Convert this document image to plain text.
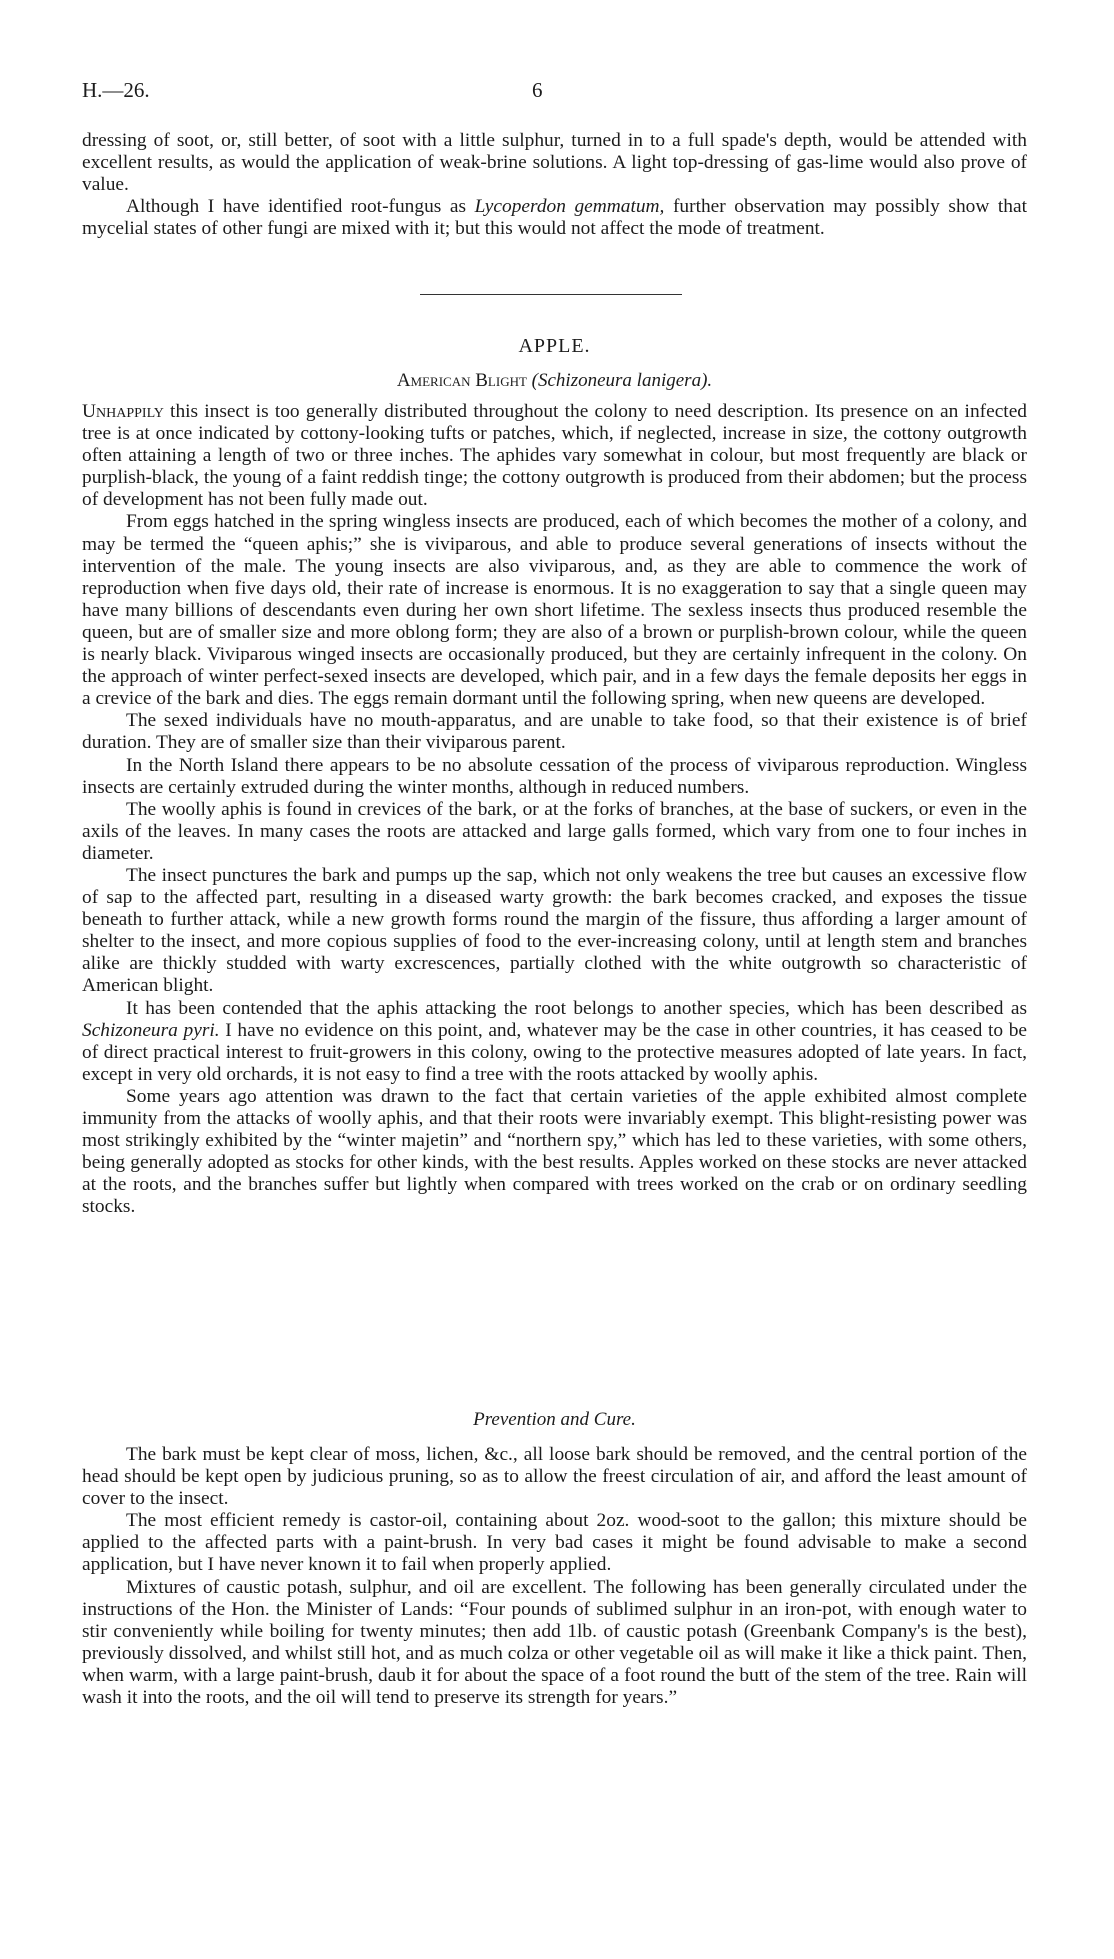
H.—26.	6

dressing of soot, or, still better, of soot with a little sulphur, turned in to a full spade's depth, would be attended with excellent results, as would the application of weak-brine solutions. A light top-dressing of gas-lime would also prove of value.

Although I have identified root-fungus as Lycoperdon gemmatum, further observation may possibly show that mycelial states of other fungi are mixed with it; but this would not affect the mode of treatment.

APPLE.
American Blight (Schizoneura lanigera).

Unhappily this insect is too generally distributed throughout the colony to need description. Its presence on an infected tree is at once indicated by cottony-looking tufts or patches, which, if neglected, increase in size, the cottony outgrowth often attaining a length of two or three inches. The aphides vary somewhat in colour, but most frequently are black or purplish-black, the young of a faint reddish tinge; the cottony outgrowth is produced from their abdomen; but the process of development has not been fully made out.

From eggs hatched in the spring wingless insects are produced, each of which becomes the mother of a colony, and may be termed the “queen aphis;” she is viviparous, and able to produce several generations of insects without the intervention of the male. The young insects are also viviparous, and, as they are able to commence the work of reproduction when five days old, their rate of increase is enormous. It is no exaggeration to say that a single queen may have many billions of descendants even during her own short lifetime. The sexless insects thus produced resemble the queen, but are of smaller size and more oblong form; they are also of a brown or purplish-brown colour, while the queen is nearly black. Viviparous winged insects are occasionally produced, but they are certainly infrequent in the colony. On the approach of winter perfect-sexed insects are developed, which pair, and in a few days the female deposits her eggs in a crevice of the bark and dies. The eggs remain dormant until the following spring, when new queens are developed.

The sexed individuals have no mouth-apparatus, and are unable to take food, so that their existence is of brief duration. They are of smaller size than their viviparous parent.

In the North Island there appears to be no absolute cessation of the process of viviparous reproduction. Wingless insects are certainly extruded during the winter months, although in reduced numbers.

The woolly aphis is found in crevices of the bark, or at the forks of branches, at the base of suckers, or even in the axils of the leaves. In many cases the roots are attacked and large galls formed, which vary from one to four inches in diameter.

The insect punctures the bark and pumps up the sap, which not only weakens the tree but causes an excessive flow of sap to the affected part, resulting in a diseased warty growth: the bark becomes cracked, and exposes the tissue beneath to further attack, while a new growth forms round the margin of the fissure, thus affording a larger amount of shelter to the insect, and more copious supplies of food to the ever-increasing colony, until at length stem and branches alike are thickly studded with warty excrescences, partially clothed with the white outgrowth so characteristic of American blight.

It has been contended that the aphis attacking the root belongs to another species, which has been described as Schizoneura pyri. I have no evidence on this point, and, whatever may be the case in other countries, it has ceased to be of direct practical interest to fruit-growers in this colony, owing to the protective measures adopted of late years. In fact, except in very old orchards, it is not easy to find a tree with the roots attacked by woolly aphis.

Some years ago attention was drawn to the fact that certain varieties of the apple exhibited almost complete immunity from the attacks of woolly aphis, and that their roots were invariably exempt. This blight-resisting power was most strikingly exhibited by the “winter majetin” and “northern spy,” which has led to these varieties, with some others, being generally adopted as stocks for other kinds, with the best results. Apples worked on these stocks are never attacked at the roots, and the branches suffer but lightly when compared with trees worked on the crab or on ordinary seedling stocks.

Prevention and Cure.

The bark must be kept clear of moss, lichen, &c., all loose bark should be removed, and the central portion of the head should be kept open by judicious pruning, so as to allow the freest circulation of air, and afford the least amount of cover to the insect.

The most efficient remedy is castor-oil, containing about 2oz. wood-soot to the gallon; this mixture should be applied to the affected parts with a paint-brush. In very bad cases it might be found advisable to make a second application, but I have never known it to fail when properly applied.

Mixtures of caustic potash, sulphur, and oil are excellent. The following has been generally circulated under the instructions of the Hon. the Minister of Lands: “Four pounds of sublimed sulphur in an iron-pot, with enough water to stir conveniently while boiling for twenty minutes; then add 1lb. of caustic potash (Greenbank Company's is the best), previously dissolved, and whilst still hot, and as much colza or other vegetable oil as will make it like a thick paint. Then, when warm, with a large paint-brush, daub it for about the space of a foot round the butt of the stem of the tree. Rain will wash it into the roots, and the oil will tend to preserve its strength for years.”
